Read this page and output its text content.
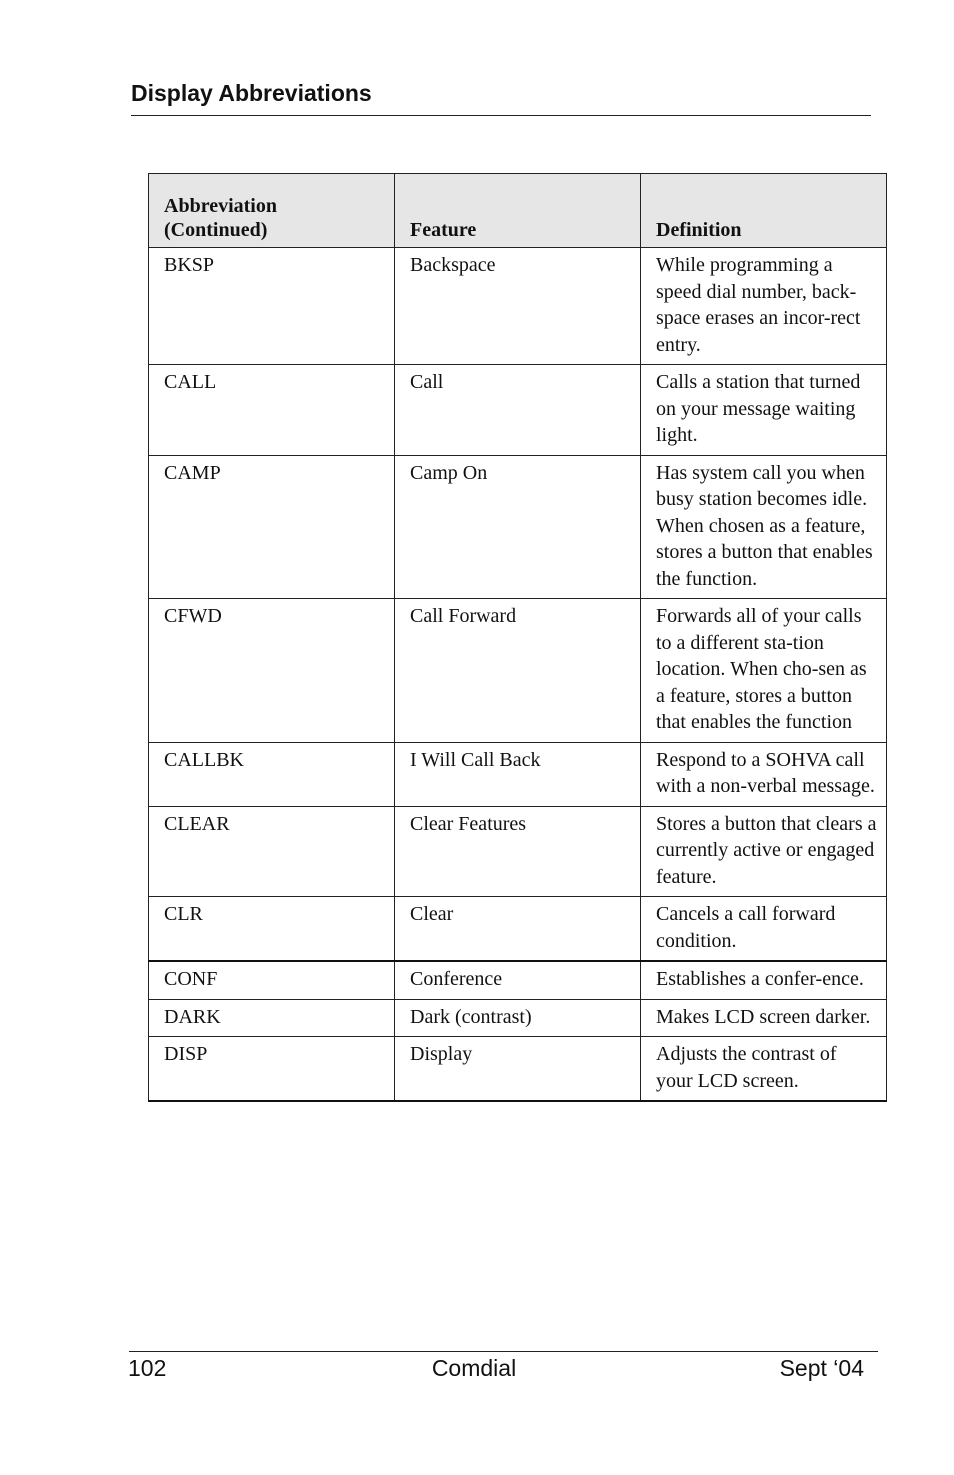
Display Abbreviations
Abbreviation
(Continued)	Feature	Definition
BKSP	Backspace	While programming a speed dial number, back-space erases an incor-rect entry.
CALL	Call	Calls a station that turned on your message waiting light.
CAMP	Camp On	Has system call you when busy station becomes idle. When chosen as a feature, stores a button that enables the function.
CFWD	Call Forward	Forwards all of your calls to a different sta-tion location. When cho-sen as a feature, stores a button that enables the function
CALLBK	I Will Call Back	Respond to a SOHVA call with a non-verbal message.
CLEAR	Clear Features	Stores a button that clears a currently active or engaged feature.
CLR	Clear	Cancels a call forward condition.
CONF	Conference	Establishes a confer-ence.
DARK	Dark (contrast)	Makes LCD screen darker.
DISP	Display	Adjusts the contrast of your LCD screen.
102	Comdial	Sept ‘04
